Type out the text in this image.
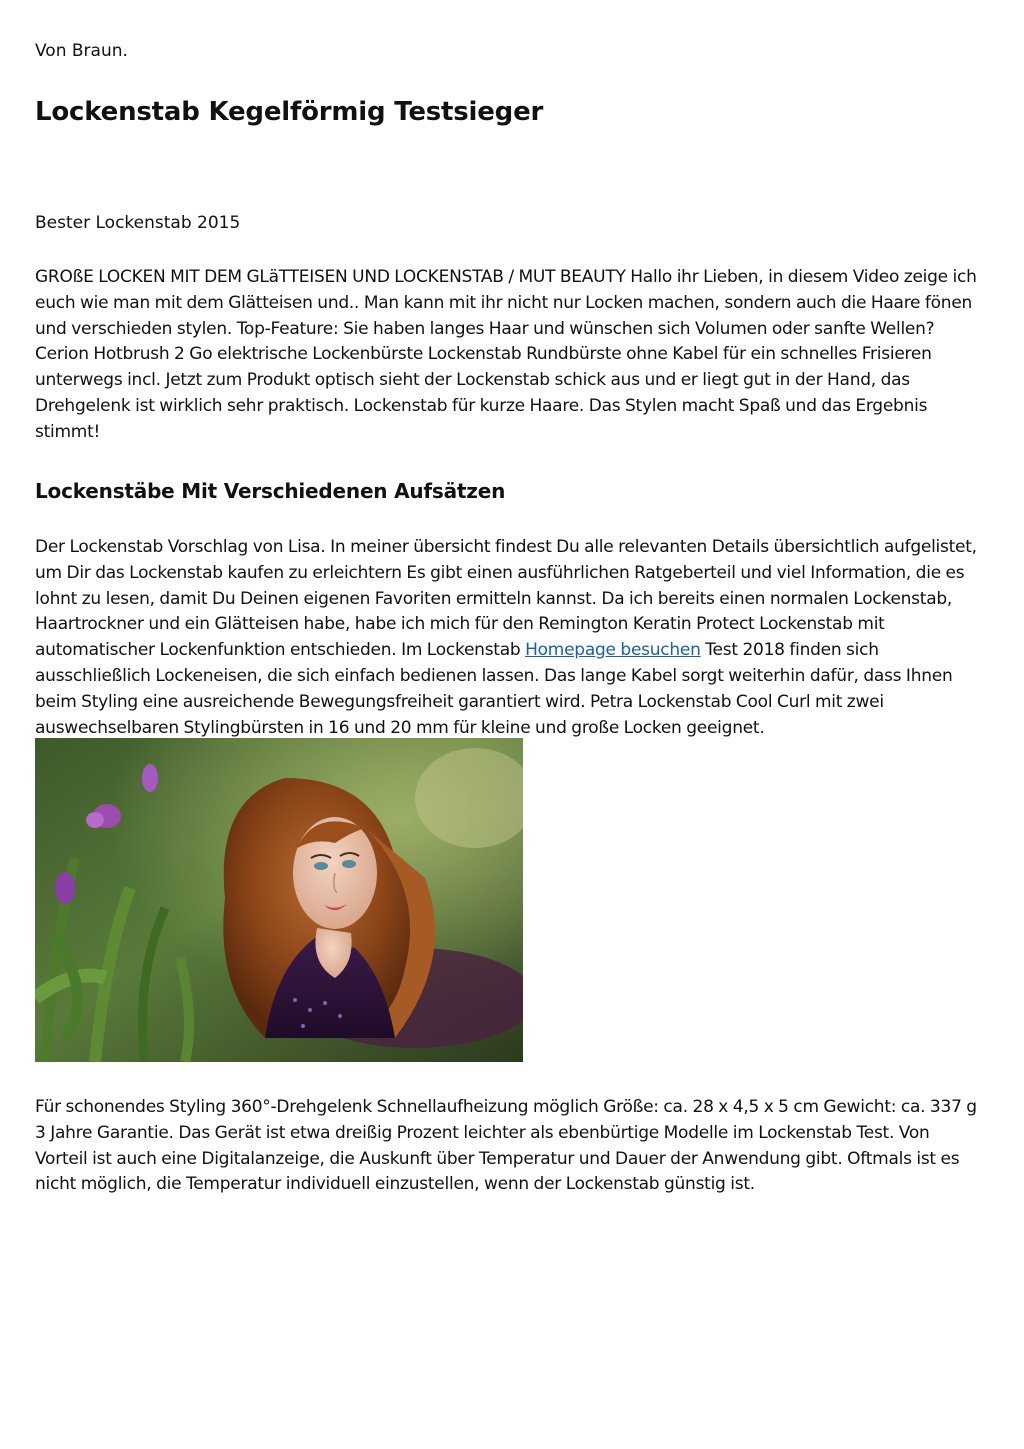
Von Braun.

Lockenstab Kegelförmig Testsieger

Bester Lockenstab 2015

GROßE LOCKEN MIT DEM GLäTTEISEN UND LOCKENSTAB / MUT BEAUTY Hallo ihr Lieben, in diesem Video zeige ich euch wie man mit dem Glätteisen und.. Man kann mit ihr nicht nur Locken machen, sondern auch die Haare fönen und verschieden stylen. Top-Feature: Sie haben langes Haar und wünschen sich Volumen oder sanfte Wellen? Cerion Hotbrush 2 Go elektrische Lockenbürste Lockenstab Rundbürste ohne Kabel für ein schnelles Frisieren unterwegs incl. Jetzt zum Produkt optisch sieht der Lockenstab schick aus und er liegt gut in der Hand, das Drehgelenk ist wirklich sehr praktisch. Lockenstab für kurze Haare. Das Stylen macht Spaß und das Ergebnis stimmt!

Lockenstäbe Mit Verschiedenen Aufsätzen

Der Lockenstab Vorschlag von Lisa. In meiner übersicht findest Du alle relevanten Details übersichtlich aufgelistet, um Dir das Lockenstab kaufen zu erleichtern Es gibt einen ausführlichen Ratgeberteil und viel Information, die es lohnt zu lesen, damit Du Deinen eigenen Favoriten ermitteln kannst. Da ich bereits einen normalen Lockenstab, Haartrockner und ein Glätteisen habe, habe ich mich für den Remington Keratin Protect Lockenstab mit automatischer Lockenfunktion entschieden. Im Lockenstab Homepage besuchen Test 2018 finden sich ausschließlich Lockeneisen, die sich einfach bedienen lassen. Das lange Kabel sorgt weiterhin dafür, dass Ihnen beim Styling eine ausreichende Bewegungsfreiheit garantiert wird. Petra Lockenstab Cool Curl mit zwei auswechselbaren Stylingbürsten in 16 und 20 mm für kleine und große Locken geeignet.

Für schonendes Styling 360°-Drehgelenk Schnellaufheizung möglich Größe: ca. 28 x 4,5 x 5 cm Gewicht: ca. 337 g 3 Jahre Garantie. Das Gerät ist etwa dreißig Prozent leichter als ebenbürtige Modelle im Lockenstab Test. Von Vorteil ist auch eine Digitalanzeige, die Auskunft über Temperatur und Dauer der Anwendung gibt. Oftmals ist es nicht möglich, die Temperatur individuell einzustellen, wenn der Lockenstab günstig ist.
